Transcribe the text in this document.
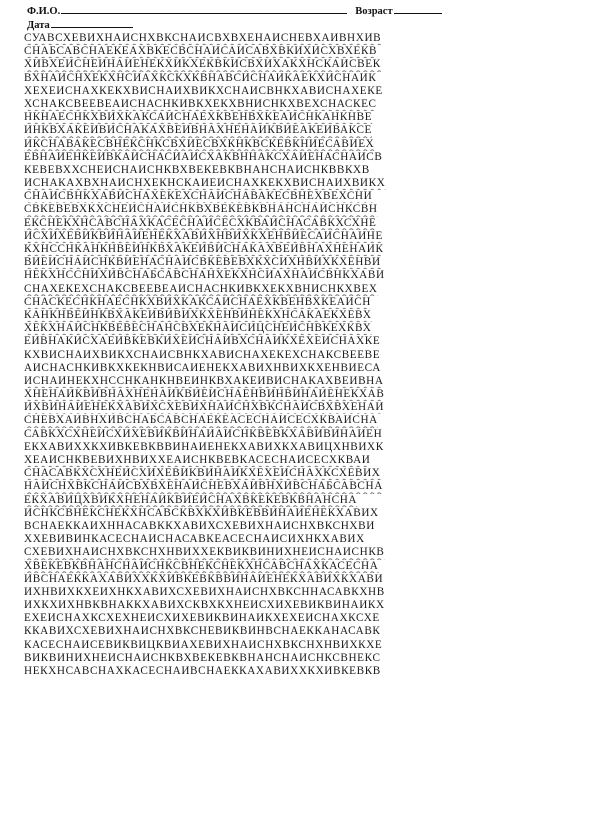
Ф.И.О.	Возраст
Дата
СУАВСХЕВИХНАИСНХВКСНАИСВХВХЕНАИСНЕВХАИВНХИВ
СНАБСАВСНАЕКЕАХВКЕСВСНАИСАИСАВХВКИХИСХВХЕКВ
ХИВХЕИСНЕИНАИЕНЕКХИКХЕКВКИСВХИХАКХНСКАИСВЕК
ВХНАИСНХЕКХНСИАХКСКХКВНАВСИСНАИКАЕКХИСНАИК
ХЕХЕИСНАХКЕКХВИСНАИХВИКХСНАИСВНКХАВИСНАХЕКЕ
ХСНАКСВЕЕВЕАИСНАСНКИВКХЕКХВНИСНКХВЕХСНАСКЕС
НКНАЕСНКХВИХКАКСАИСНАЕХКВЕНВХКЕАИСНКАНКНВЕ
ИНКВХАКЕИВИСНАКАХВЕИВНАХНЕНАИКВИЕАКЕИВАКСЕ
ИКСНАВАКЕСВНЕКСНКСВХИЕСВХКНКВСКЕВКНИЕСАВИЕХ
ЕВНАИЕНКЕИВКАИСНАСИАИСХАКВННАКСХАИЕНАСНАИСВ
КЕВЕВХХСНЕИСНАИСНКВХВЕКЕВКВНАНСНАИСНКВВКХВ
ИСНАКАХВХНАИСНХЕКНСКАИЕИСНАХКЕКХВИСНАИХВИКХ
СНАИСВНКХАВИСНАХЕКЕХСНАИСНАВАКЕСВНЕХВЕХСНИ
СВКЕВЕВХКХСНЕИСНАИСНКВХВЕКЕВКВНАНСНАИСНКСВН
ЕКСНЕКХНСАВСНАХКАСЕСНАИСЕСХКВАИСНАСАВКХСХНЕ
ИСХИХЕВИКВИНАИЕНЕКХАВИХНВИХКХЕНВИЕСАИСНАИНЕ
КХНССНКАНКНВЕИНКВХАКЕИВИСНАКАХВЕИВНАХНЕНАИК
ВИЕИСНАИСНКВИЕНАСНАИСВКЕВЕВХКХСИХНВИХКХЕНВИ
НЕКХНССНИХИВСНАБСАВСНАНХЕКХНСИАХНАИСВНКХАВИ
СНАХЕКЕХСНАКСВЕЕВЕАИСНАСНКИВКХЕКХВНИСНКХВЕХ
СНАСКЕСНКНАЕСНКХВИХКАКСАИСНАЕХКВЕНВХКЕАИСН
КАНКНВЕИНКВХАКЕИВИВИХКХЕНВИНЕКХНСАКАЕКХЕВХ
ХЕКХНАИСНКВЕВЕСНАНСВХЕКНАИСИЦСНЕИСНВКЕХКВХ
ЕИВНАКИСХАЕИВКЕВКИХЕИСНАИВХСНАИКХЕХЕИСНАХКЕ
КХВИСНАИХВИКХСНАИСВНКХАВИСНАХЕКЕХСНАКСВЕЕВЕ
АИСНАСНКИВКХКЕКНВИСАИЕНЕКХАВИХНВИХКХЕНВИЕСА
ИСНАИНЕКХНССНКАНКНВЕИНКВХАКЕИВИСНАКАХВЕИВНА
ХНЕНАИКВИВНАХНЕНАИКВИЕИСНАЕНВИНВИНАИЕНЕКХАВ
ИХВИНАИЕНЕКХАВИХСХЕВИХНАИСНХВКСНАИСВХВХЕНАИ
СНЕВХАИВНХИВСНАБСАВСНАЕКЕАСЕСНАИСЕСХКВАИСНА
САВКХСХНЕИСХИХЕВИКВИНАИАИСНКВЕВКХАВИВИНАИЕН
ЕКХАВИХХКХИВКЕВКВВИНАИЕНЕКХАВИХКХАВИЦХНВИХК
ХЕАИСНКВЕВИХНВИХХЕАИСНКВЕВКАСЕСНАИСЕСХКВАИ
СНАСАВКХСХНЕИСХИХЕВИКВИНАИКХЕХЕИСНАХКСХЕВИХ
НАИСНХВКСНАИСВХВХЕНАИСНЕВХАИВНХИВСНАБСАВСНА
ЕКХАВИЦХВИКХНЕНАИКВИЕИСНАХВКЕКЕВКВНАНСНА
ИСНКСВНЕКСНЕКХНСАВСКВХКХИВКЕВВИНАИЕНЕКХАВИХ
ВСНАЕККАИХННАСАВККХАВИХСХЕВИХНАИСНХВКСНХВИ
ХХЕВИВИНКАСЕСНАИСНАСАВКЕАСЕСНАИСИХНКХАВИХ
СХЕВИХНАИСНХВКСНХНВИХХЕКВИКВИНИХНЕИСНАИСНКВ
ХВЕКЕВКВНАНСНАИСНКСВНЕКСНЕКХНСАВСНАХКАСЕСНА
ИВСНАЕККАХАВИХХКХИВКЕВКВВИНАИЕНЕКХАВИХКХАВИ
ИХНВИХКХЕИХНКХАВИХСХЕВИХНАИСНХВКСННАСАВКХНВ
ИХКХИХНВКВНАККХАВИХСКВХКХНЕИСХИХЕВИКВИНАИКХ
ЕХЕИСНАХКСХЕХНЕИСХИХЕВИКВИНАИКХЕХЕИСНАХКСХЕ
ККАВИХСХЕВИХНАИСНХВКСНЕВИКВИНВСНАЕККАНАСАВК
КАСЕСНАИСЕВИКВИЦКВИАХЕВИХНАИСНХВКСНХНВИХКХЕ
ВИКВИНИХНЕИСНАИСНКВХВЕКЕВКВНАНСНАИСНКСВНЕКС
НЕКХНСАВСНАХКАСЕСНАИВСНАЕККАХАВИХХКХИВКЕВКВ
